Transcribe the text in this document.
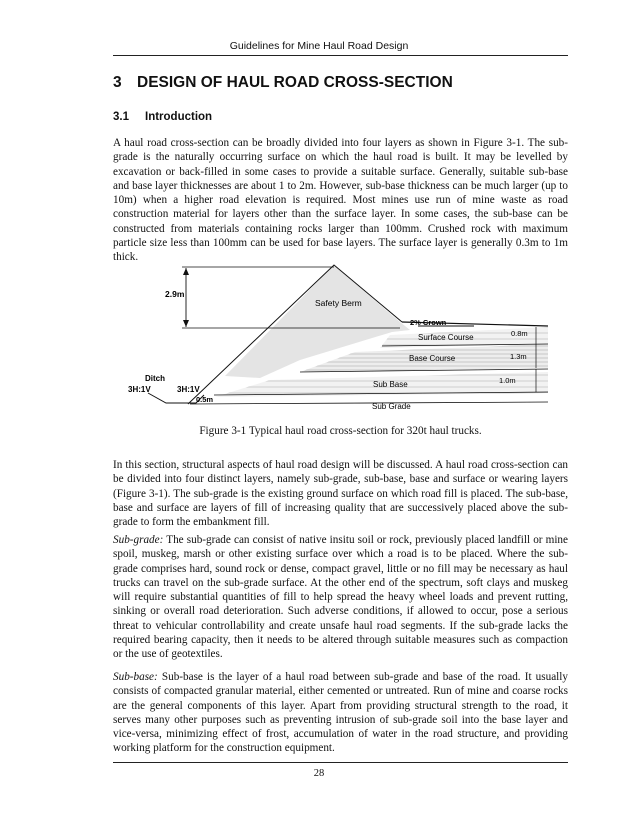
Guidelines for Mine Haul Road Design
3 DESIGN OF HAUL ROAD CROSS-SECTION
3.1 Introduction

A haul road cross-section can be broadly divided into four layers as shown in Figure 3-1. The sub-grade is the naturally occurring surface on which the haul road is built. It may be levelled by excavation or back-filled in some cases to provide a suitable surface. Generally, suitable sub-base and base layer thicknesses are about 1 to 2m. However, sub-base thickness can be much larger (up to 10m) when a higher road elevation is required. Most mines use run of mine waste as road construction material for layers other than the surface layer. In some cases, the sub-base can be constructed from materials containing rocks larger than 100mm. Crushed rock with maximum particle size less than 100mm can be used for base layers. The surface layer is generally 0.3m to 1m thick.

2.9m
Safety Berm
2% Crown
Surface Course	0.8m
Base Course	1.3m
Sub Base	1.0m
Sub Grade
Ditch
3H:1V	3H:1V
0.5m
Figure 3-1 Typical haul road cross-section for 320t haul trucks.

In this section, structural aspects of haul road design will be discussed. A haul road cross-section can be divided into four distinct layers, namely sub-grade, sub-base, base and surface or wearing layers (Figure 3-1). The sub-grade is the existing ground surface on which road fill is placed. The sub-base, base and surface are layers of fill of increasing quality that are successively placed above the sub-grade to form the embankment fill.

Sub-grade: The sub-grade can consist of native insitu soil or rock, previously placed landfill or mine spoil, muskeg, marsh or other existing surface over which a road is to be placed. Where the sub-grade comprises hard, sound rock or dense, compact gravel, little or no fill may be necessary as haul trucks can travel on the sub-grade surface. At the other end of the spectrum, soft clays and muskeg will require substantial quantities of fill to help spread the heavy wheel loads and prevent rutting, sinking or overall road deterioration. Such adverse conditions, if allowed to occur, pose a serious threat to vehicular controllability and create unsafe haul road segments. If the sub-grade lacks the required bearing capacity, then it needs to be altered through suitable measures such as compaction or the use of geotextiles.

Sub-base: Sub-base is the layer of a haul road between sub-grade and base of the road. It usually consists of compacted granular material, either cemented or untreated. Run of mine and coarse rocks are the general components of this layer. Apart from providing structural strength to the road, it serves many other purposes such as preventing intrusion of sub-grade soil into the base layer and vice-versa, minimizing effect of frost, accumulation of water in the road structure, and providing working platform for the construction equipment.

28
